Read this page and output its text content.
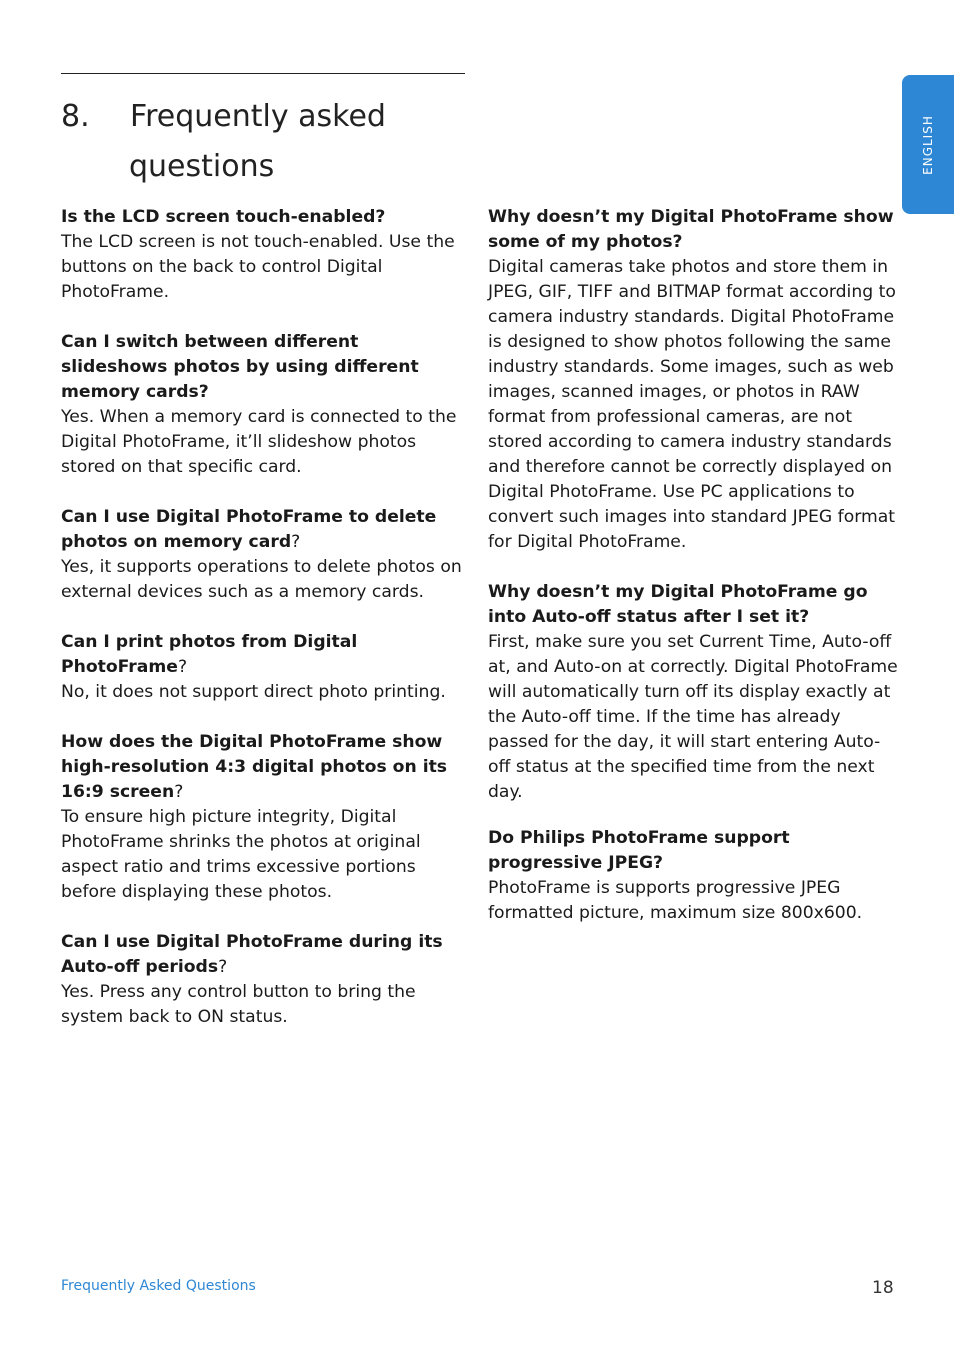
8. Frequently asked
questions	ENGLISH

Is the LCD screen touch-enabled?

The LCD screen is not touch-enabled. Use the buttons on the back to control Digital PhotoFrame.

Can I switch between different slideshows photos by using different memory cards?

Yes. When a memory card is connected to the Digital PhotoFrame, it’ll slideshow photos stored on that specific card.

Can I use Digital PhotoFrame to delete photos on memory card?

Yes, it supports operations to delete photos on external devices such as a memory cards.

Can I print photos from Digital PhotoFrame?

No, it does not support direct photo printing.

How does the Digital PhotoFrame show high-resolution 4:3 digital photos on its 16:9 screen?

To ensure high picture integrity, Digital PhotoFrame shrinks the photos at original aspect ratio and trims excessive portions before displaying these photos.

Can I use Digital PhotoFrame during its Auto-off periods?

Yes. Press any control button to bring the system back to ON status.

Why doesn’t my Digital PhotoFrame show some of my photos?

Digital cameras take photos and store them in JPEG, GIF, TIFF and BITMAP format according to camera industry standards. Digital PhotoFrame is designed to show photos following the same industry standards. Some images, such as web images, scanned images, or photos in RAW format from professional cameras, are not stored according to camera industry standards and therefore cannot be correctly displayed on Digital PhotoFrame. Use PC applications to convert such images into standard JPEG format for Digital PhotoFrame.

Why doesn’t my Digital PhotoFrame go into Auto-off status after I set it?

First, make sure you set Current Time, Auto-off at, and Auto-on at correctly. Digital PhotoFrame will automatically turn off its display exactly at the Auto-off time. If the time has already passed for the day, it will start entering Auto-off status at the specified time from the next day.

Do Philips PhotoFrame support progressive JPEG?

PhotoFrame is supports progressive JPEG formatted picture, maximum size 800x600.

Frequently Asked Questions	18
